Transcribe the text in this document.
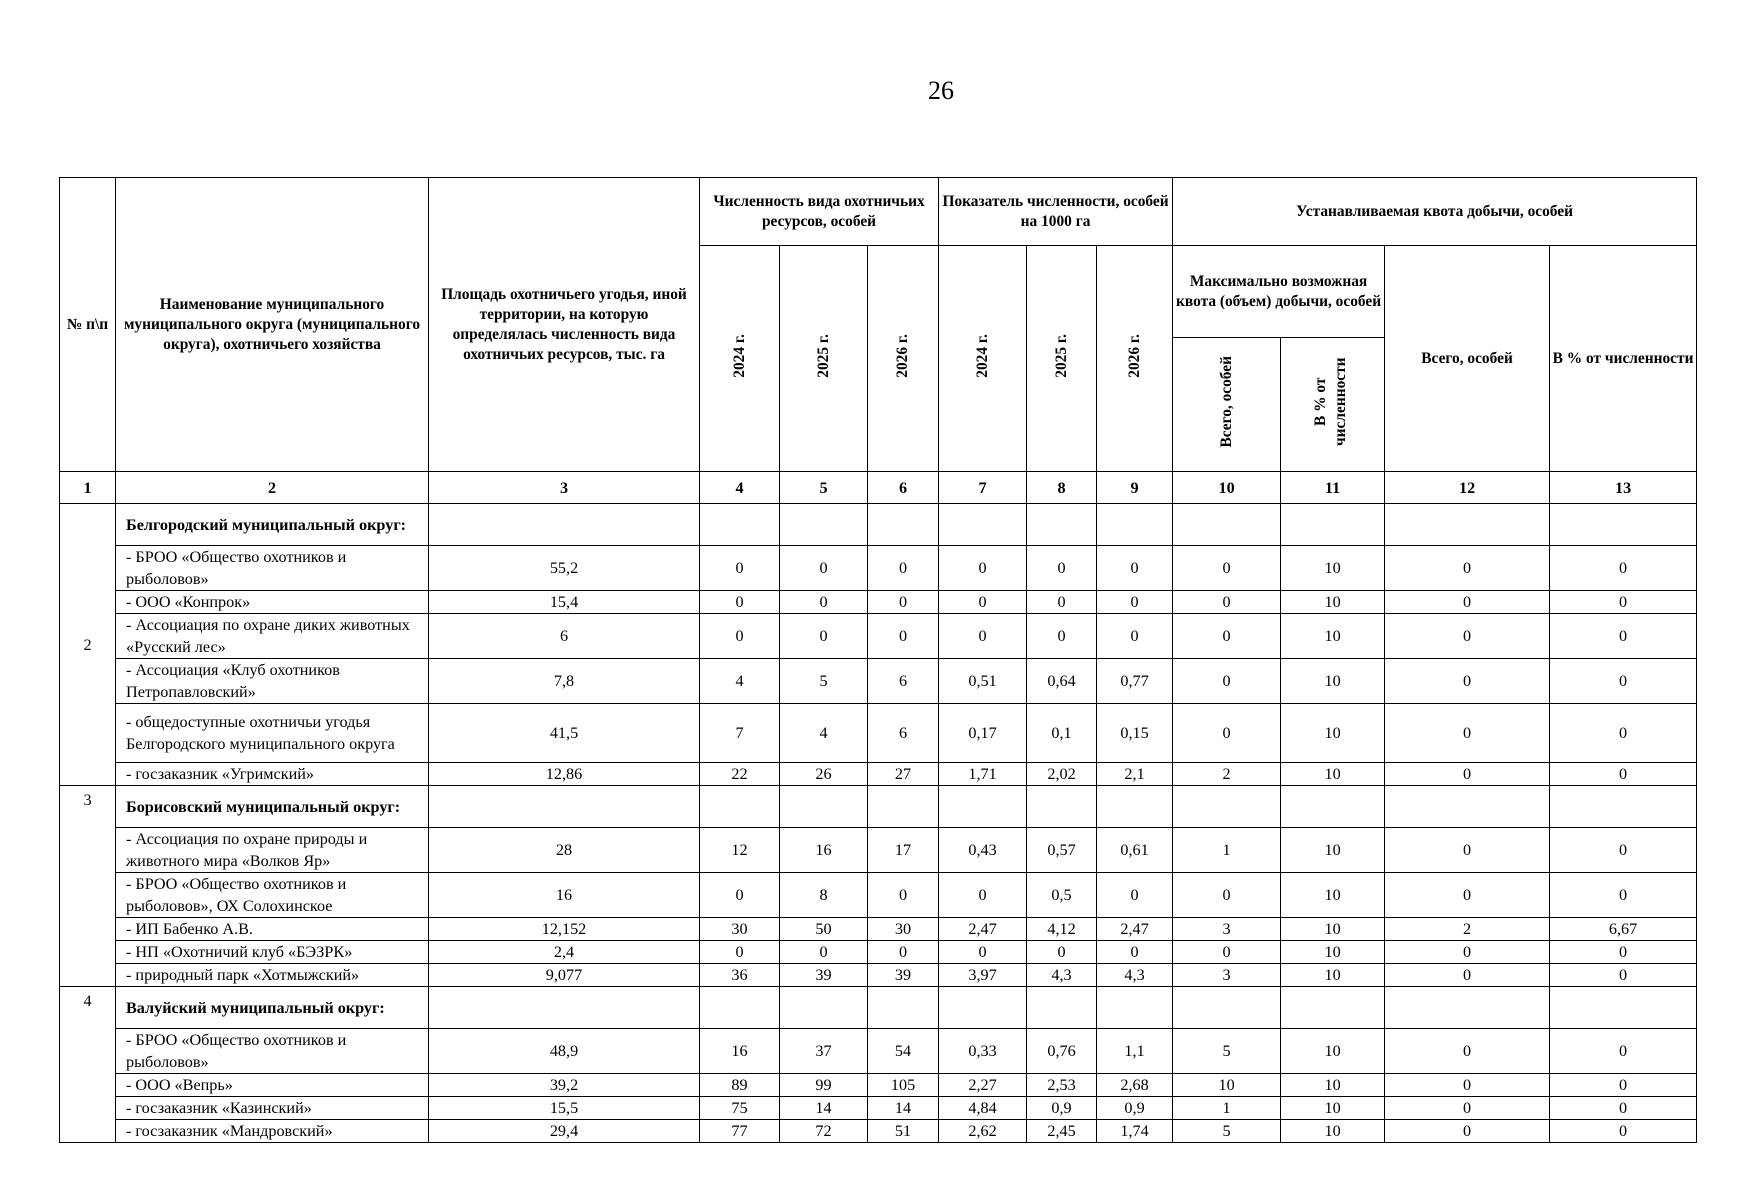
26
№ п\п	Наименование муниципального муниципального округа (муниципального округа), охотничьего хозяйства	Площадь охотничьего угодья, иной территории, на которую определялась численность вида охотничьих ресурсов, тыс. га	Численность вида охотничьих ресурсов, особей			Показатель численности, особей на 1000 га			Устанавливаемая квота добычи, особей			
			2024 г.	2025 г.	2026 г.	2024 г.	2025 г.	2026 г.	Максимально возможная квота (объем) добычи, особей		Всего, особей	В % от численности
									Всего, особей	В % от численности		
1	2	3	4	5	6	7	8	9	10	11	12	13
2	Белгородский муниципальный округ:											
	- БРОО «Общество охотников и рыболовов»	55,2	0	0	0	0	0	0	0	10	0	0
	- ООО «Конпрок»	15,4	0	0	0	0	0	0	0	10	0	0
	- Ассоциация по охране диких животных «Русский лес»	6	0	0	0	0	0	0	0	10	0	0
	- Ассоциация «Клуб охотников Петропавловский»	7,8	4	5	6	0,51	0,64	0,77	0	10	0	0
	- общедоступные охотничьи угодья Белгородского муниципального округа	41,5	7	4	6	0,17	0,1	0,15	0	10	0	0
	- госзаказник «Угримский»	12,86	22	26	27	1,71	2,02	2,1	2	10	0	0
3	Борисовский муниципальный округ:											
	- Ассоциация по охране природы и животного мира «Волков Яр»	28	12	16	17	0,43	0,57	0,61	1	10	0	0
	- БРОО «Общество охотников и рыболовов», ОХ Солохинское	16	0	8	0	0	0,5	0	0	10	0	0
	- ИП Бабенко А.В.	12,152	30	50	30	2,47	4,12	2,47	3	10	2	6,67
	- НП «Охотничий клуб «БЭЗРК»	2,4	0	0	0	0	0	0	0	10	0	0
	- природный парк «Хотмыжский»	9,077	36	39	39	3,97	4,3	4,3	3	10	0	0
4	Валуйский муниципальный округ:											
	- БРОО «Общество охотников и рыболовов»	48,9	16	37	54	0,33	0,76	1,1	5	10	0	0
	- ООО «Вепрь»	39,2	89	99	105	2,27	2,53	2,68	10	10	0	0
	- госзаказник «Казинский»	15,5	75	14	14	4,84	0,9	0,9	1	10	0	0
	- госзаказник «Мандровский»	29,4	77	72	51	2,62	2,45	1,74	5	10	0	0
